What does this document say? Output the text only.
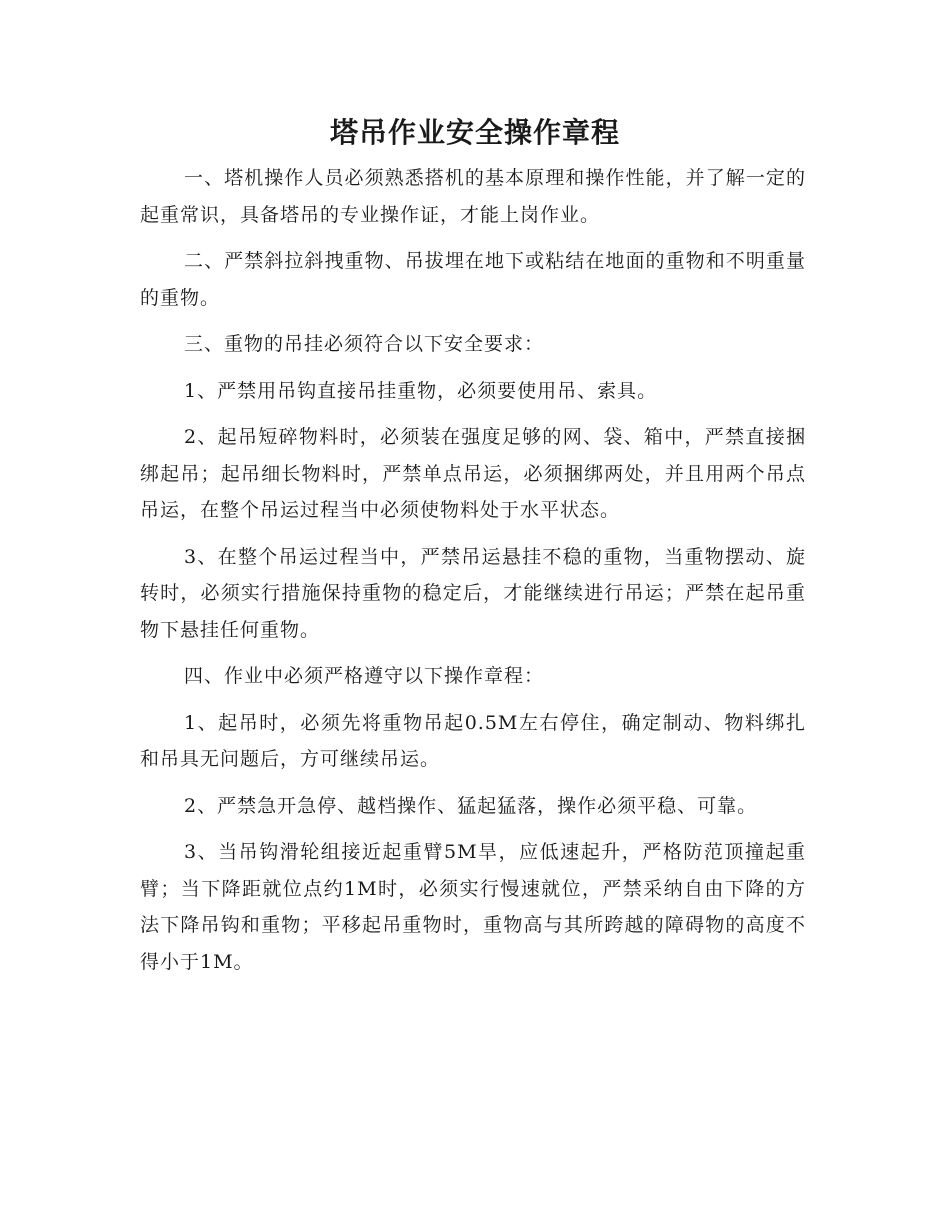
塔吊作业安全操作章程

一、塔机操作人员必须熟悉搭机的基本原理和操作性能，并了解一定的起重常识，具备塔吊的专业操作证，才能上岗作业。

二、严禁斜拉斜拽重物、吊拔埋在地下或粘结在地面的重物和不明重量的重物。

三、重物的吊挂必须符合以下安全要求：

1、严禁用吊钩直接吊挂重物，必须要使用吊、索具。

2、起吊短碎物料时，必须装在强度足够的网、袋、箱中，严禁直接捆绑起吊；起吊细长物料时，严禁单点吊运，必须捆绑两处，并且用两个吊点吊运，在整个吊运过程当中必须使物料处于水平状态。

3、在整个吊运过程当中，严禁吊运悬挂不稳的重物，当重物摆动、旋转时，必须实行措施保持重物的稳定后，才能继续进行吊运；严禁在起吊重物下悬挂任何重物。

四、作业中必须严格遵守以下操作章程：

1、起吊时，必须先将重物吊起0.5M左右停住，确定制动、物料绑扎和吊具无问题后，方可继续吊运。

2、严禁急开急停、越档操作、猛起猛落，操作必须平稳、可靠。

3、当吊钩滑轮组接近起重臂5M旱，应低速起升，严格防范顶撞起重臂；当下降距就位点约1M时，必须实行慢速就位，严禁采纳自由下降的方法下降吊钩和重物；平移起吊重物时，重物高与其所跨越的障碍物的高度不得小于1M。
